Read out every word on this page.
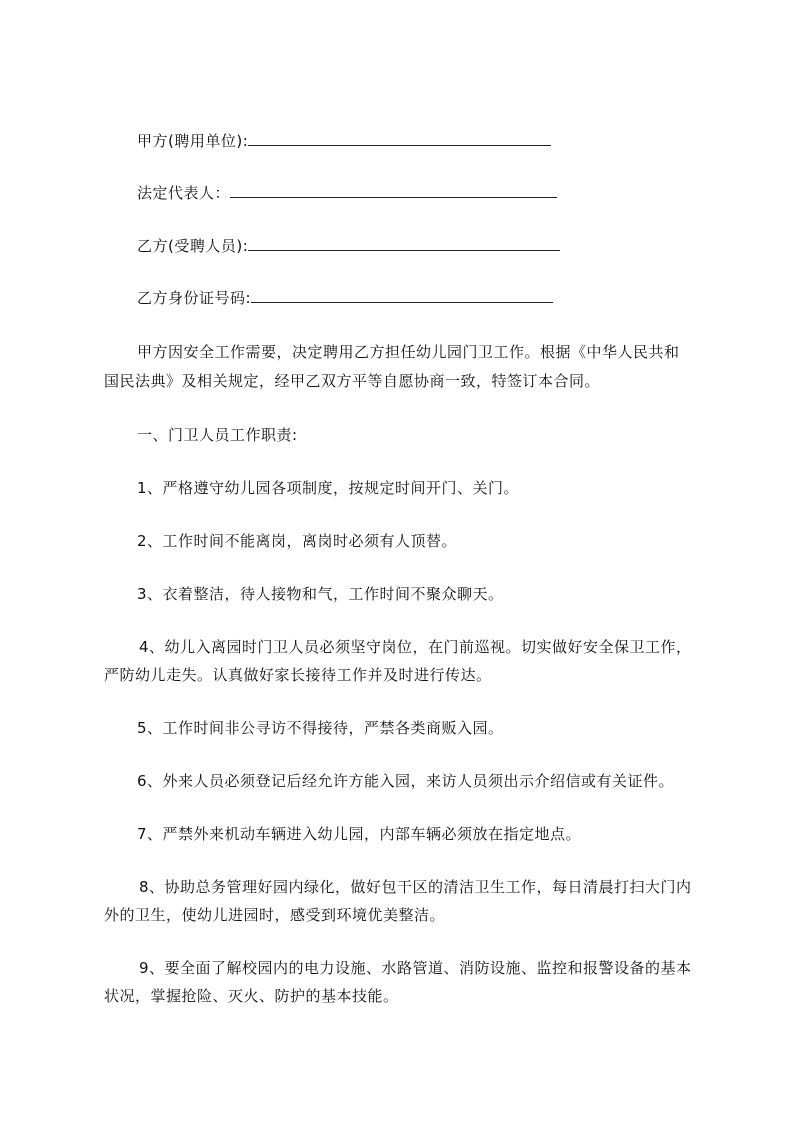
甲方(聘用单位):
法定代表人：
乙方(受聘人员):
乙方身份证号码:
甲方因安全工作需要，决定聘用乙方担任幼儿园门卫工作。根据《中华人民共和
国民法典》及相关规定，经甲乙双方平等自愿协商一致，特签订本合同。
一、门卫人员工作职责:
1、严格遵守幼儿园各项制度，按规定时间开门、关门。
2、工作时间不能离岗，离岗时必须有人顶替。
3、衣着整洁，待人接物和气，工作时间不聚众聊天。
4、幼儿入离园时门卫人员必须坚守岗位，在门前巡视。切实做好安全保卫工作，
严防幼儿走失。认真做好家长接待工作并及时进行传达。
5、工作时间非公寻访不得接待，严禁各类商贩入园。
6、外来人员必须登记后经允许方能入园，来访人员须出示介绍信或有关证件。
7、严禁外来机动车辆进入幼儿园，内部车辆必须放在指定地点。
8、协助总务管理好园内绿化，做好包干区的清洁卫生工作，每日清晨打扫大门内
外的卫生，使幼儿进园时，感受到环境优美整洁。
9、要全面了解校园内的电力设施、水路管道、消防设施、监控和报警设备的基本
状况，掌握抢险、灭火、防护的基本技能。
